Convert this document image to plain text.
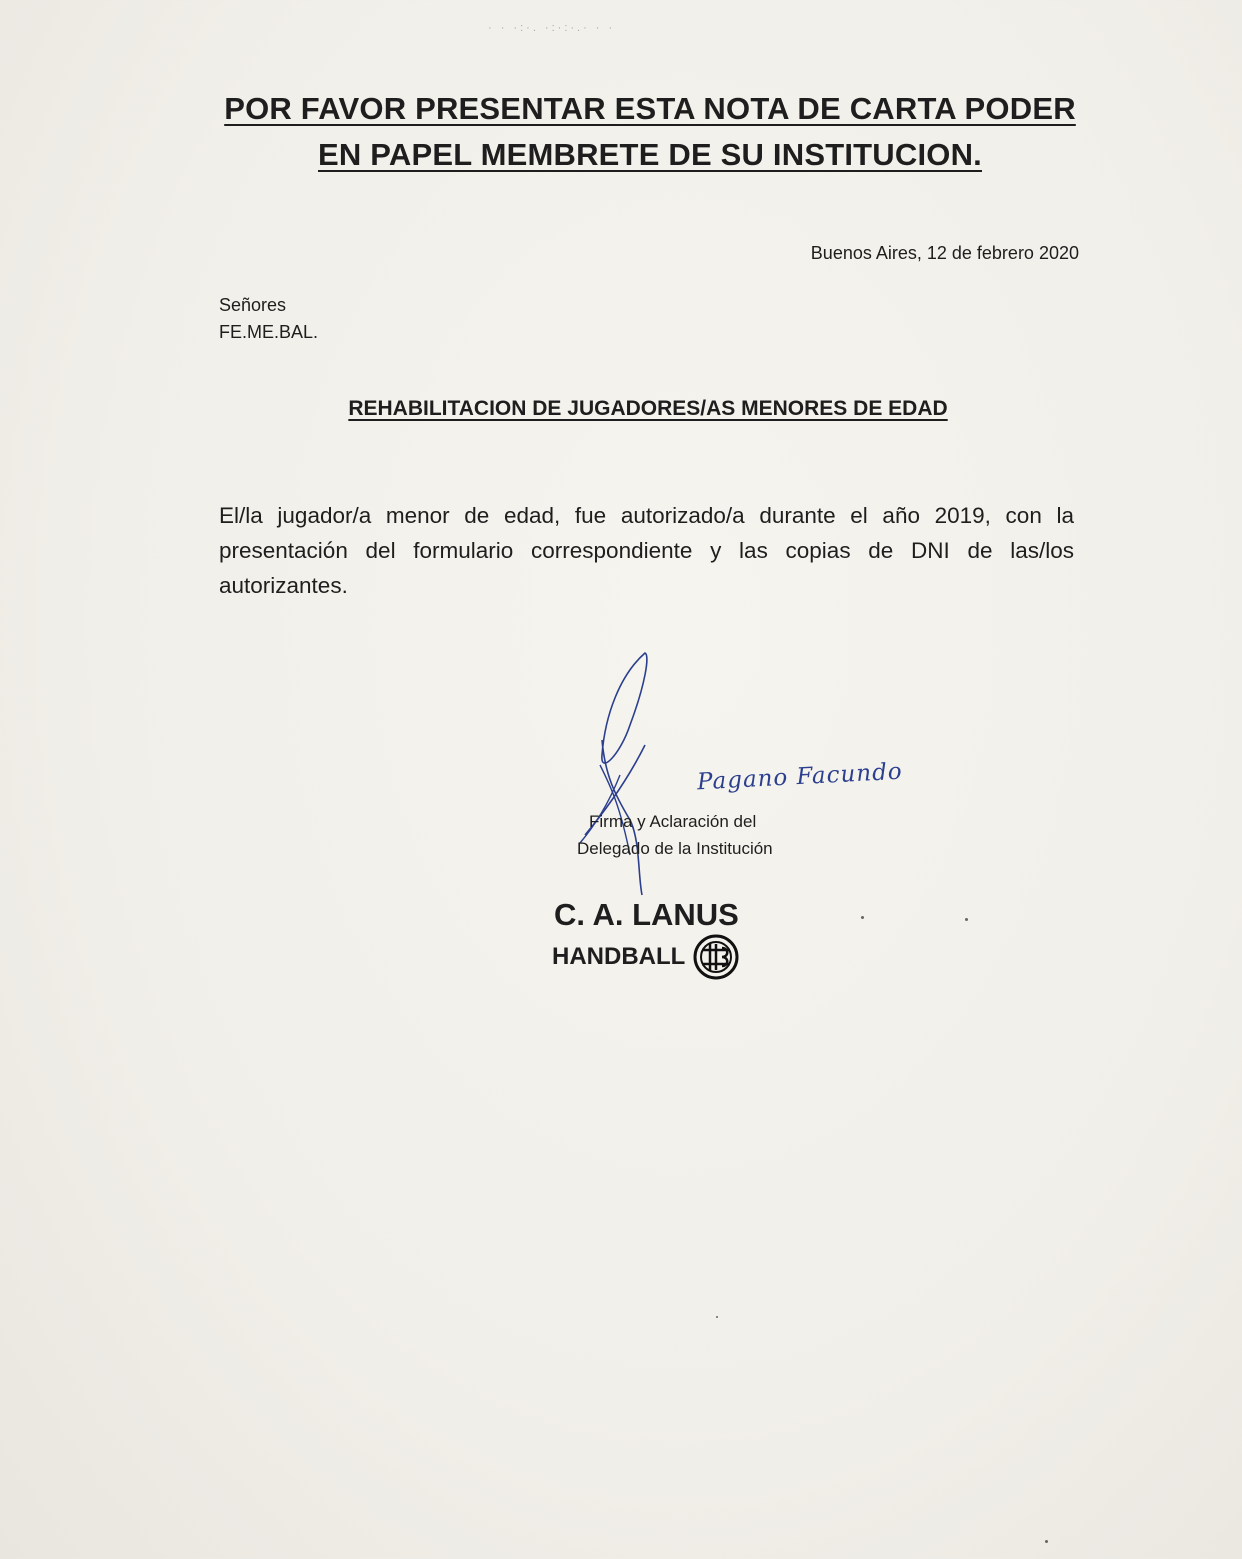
· · ·:·. ·:·:·.· · ·
POR FAVOR PRESENTAR ESTA NOTA DE CARTA PODER
EN PAPEL MEMBRETE DE SU INSTITUCION.
Buenos Aires, 12 de febrero 2020
Señores
FE.ME.BAL.
REHABILITACION DE JUGADORES/AS MENORES DE EDAD
El/la jugador/a menor de edad, fue autorizado/a durante el año 2019, con la presentación del formulario correspondiente y las copias de DNI de las/los autorizantes.
Pagano Facundo
Firma y Aclaración del
Delegado de la Institución
C. A. LANUS
HANDBALL
